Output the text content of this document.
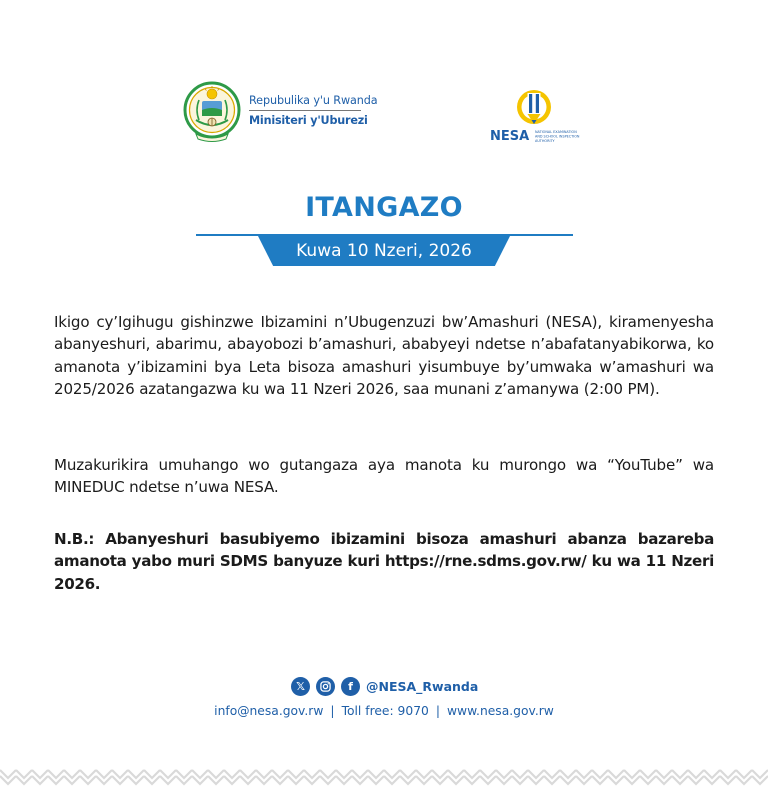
Repubulika y'u Rwanda
Minisiteri y'Uburezi
NESA NATIONAL EXAMINATION
AND SCHOOL INSPECTION
AUTHORITY
ITANGAZO
Kuwa 10 Nzeri, 2026
Ikigo cy’Igihugu gishinzwe Ibizamini n’Ubugenzuzi bw’Amashuri (NESA), kiramenyesha abanyeshuri, abarimu, abayobozi b’amashuri, ababyeyi ndetse n’abafatanyabikorwa, ko amanota y’ibizamini bya Leta bisoza amashuri yisumbuye by’umwaka w’amashuri wa 2025/2026 azatangazwa ku wa 11 Nzeri 2026, saa munani z’amanywa (2:00 PM).
Muzakurikira umuhango wo gutangaza aya manota ku murongo wa “YouTube” wa MINEDUC ndetse n’uwa NESA.
N.B.: Abanyeshuri basubiyemo ibizamini bisoza amashuri abanza bazareba amanota yabo muri SDMS banyuze kuri https://rne.sdms.gov.rw/ ku wa 11 Nzeri 2026.
𝕏	f	@NESA_Rwanda
info@nesa.gov.rw | Toll free: 9070 | www.nesa.gov.rw
